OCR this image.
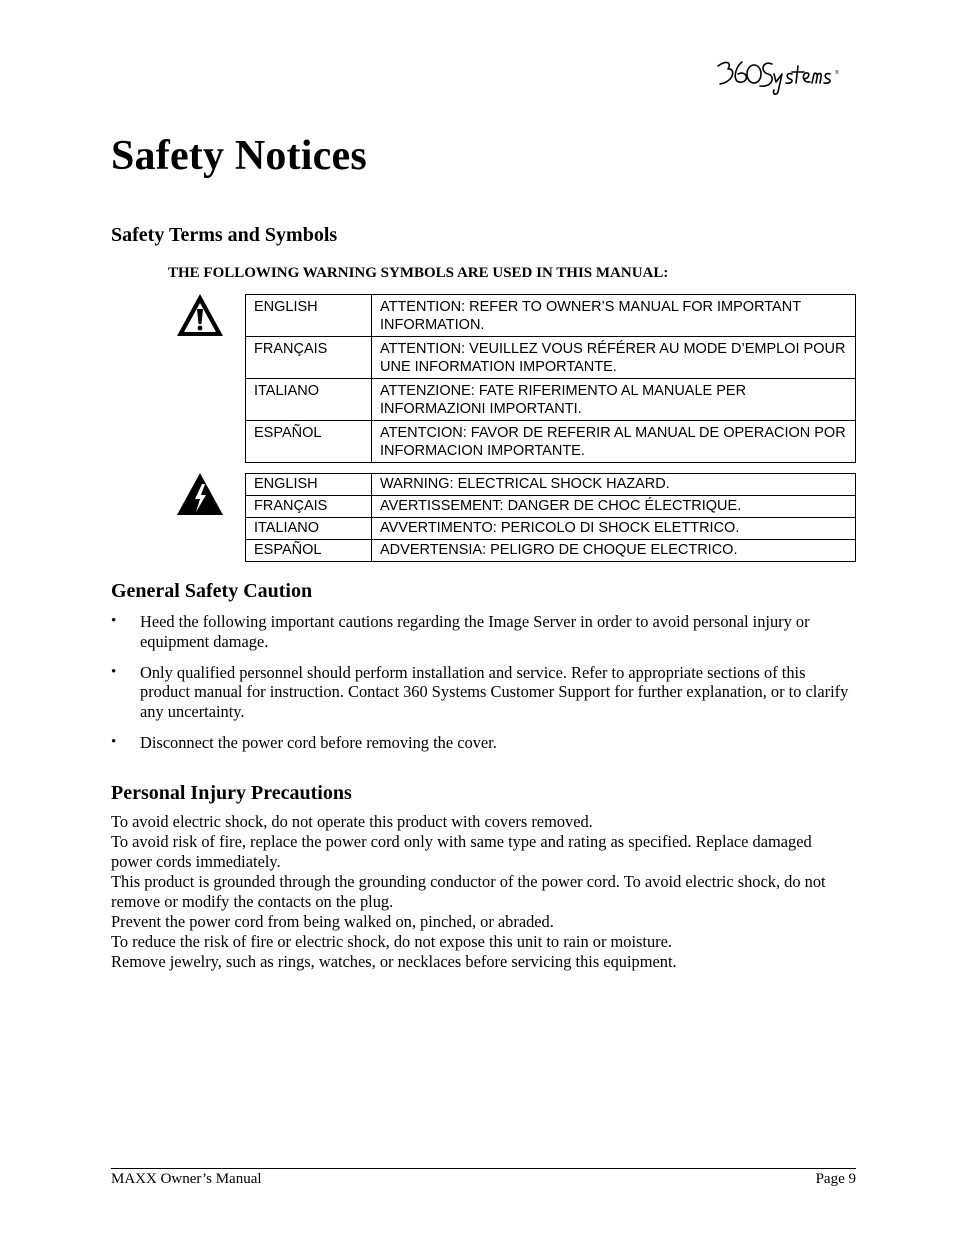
®
Safety Notices
Safety Terms and Symbols

THE FOLLOWING WARNING SYMBOLS ARE USED IN THIS MANUAL:

ENGLISH	ATTENTION: REFER TO OWNER’S MANUAL FOR IMPORTANT INFORMATION.
FRANÇAIS	ATTENTION: VEUILLEZ VOUS RÉFÉRER AU MODE D’EMPLOI POUR UNE INFORMATION IMPORTANTE.
ITALIANO	ATTENZIONE: FATE RIFERIMENTO AL MANUALE PER INFORMAZIONI IMPORTANTI.
ESPAÑOL	ATENTCION: FAVOR DE REFERIR AL MANUAL DE OPERACION POR INFORMACION IMPORTANTE.
ENGLISH	WARNING: ELECTRICAL SHOCK HAZARD.
FRANÇAIS	AVERTISSEMENT: DANGER DE CHOC ÉLECTRIQUE.
ITALIANO	AVVERTIMENTO: PERICOLO DI SHOCK ELETTRICO.
ESPAÑOL	ADVERTENSIA: PELIGRO DE CHOQUE ELECTRICO.
General Safety Caution
• Heed the following important cautions regarding the Image Server in order to avoid personal injury or equipment damage.
• Only qualified personnel should perform installation and service. Refer to appropriate sections of this product manual for instruction. Contact 360 Systems Customer Support for further explanation, or to clarify any uncertainty.
• Disconnect the power cord before removing the cover.
Personal Injury Precautions

To avoid electric shock, do not operate this product with covers removed.

To avoid risk of fire, replace the power cord only with same type and rating as specified. Replace damaged power cords immediately.

This product is grounded through the grounding conductor of the power cord. To avoid electric shock, do not remove or modify the contacts on the plug.

Prevent the power cord from being walked on, pinched, or abraded.

To reduce the risk of fire or electric shock, do not expose this unit to rain or moisture.

Remove jewelry, such as rings, watches, or necklaces before servicing this equipment.

MAXX Owner’s Manual	Page 9
